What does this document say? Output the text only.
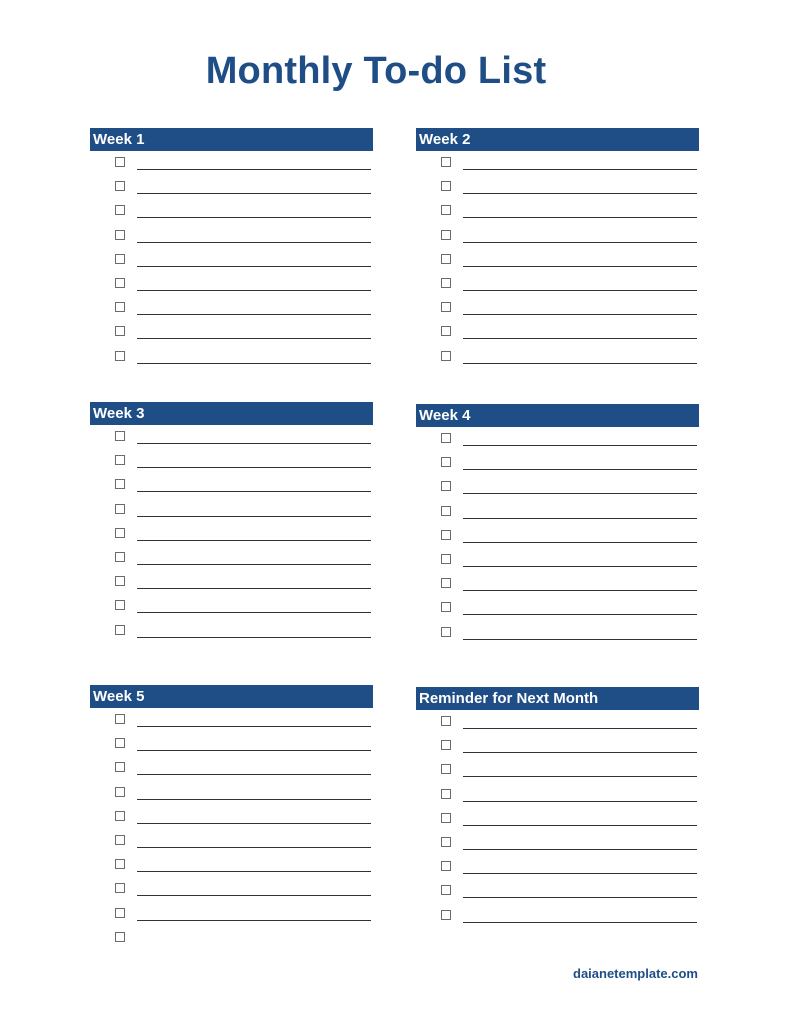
Monthly To-do List
Week 1	Week 2
Week 3	Week 4
Week 5	Reminder for Next Month
daianetemplate.com
